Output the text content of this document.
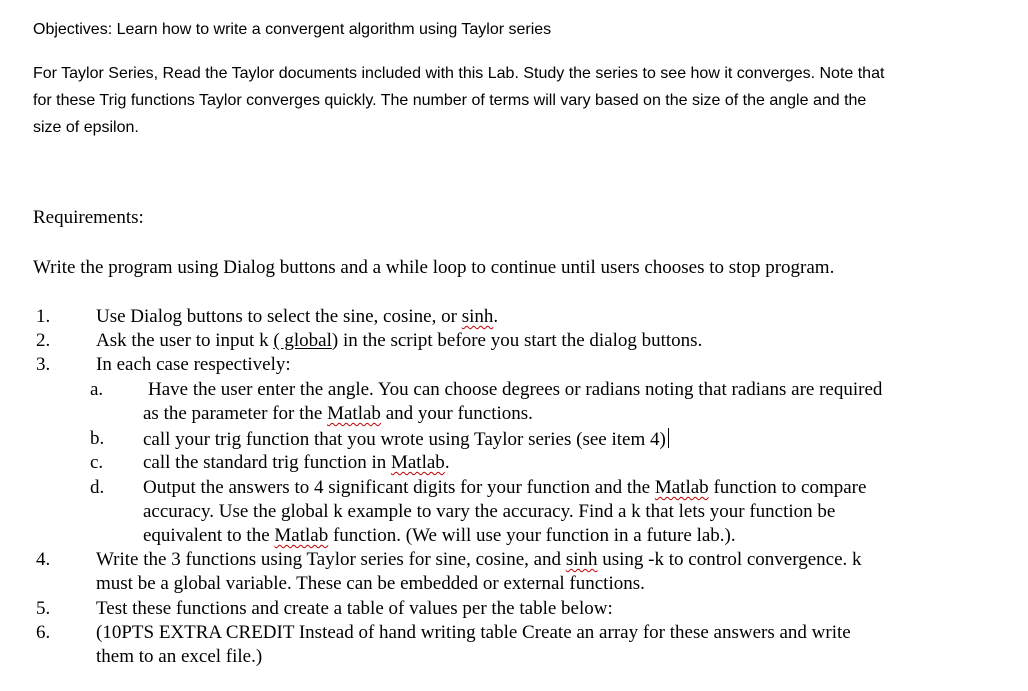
Objectives: Learn how to write a convergent algorithm using Taylor series
For Taylor Series, Read the Taylor documents included with this Lab. Study the series to see how it converges. Note that
for these Trig functions Taylor converges quickly. The number of terms will vary based on the size of the angle and the
size of epsilon.
Requirements:
Write the program using Dialog buttons and a while loop to continue until users chooses to stop program.
1.	Use Dialog buttons to select the sine, cosine, or sinh.
2.	Ask the user to input k ( global) in the script before you start the dialog buttons.
3.	In each case respectively:
a.	Have the user enter the angle. You can choose degrees or radians noting that radians are required
as the parameter for the Matlab and your functions.
b.	call your trig function that you wrote using Taylor series (see item 4)
c.	call the standard trig function in Matlab.
d.	Output the answers to 4 significant digits for your function and the Matlab function to compare
accuracy. Use the global k example to vary the accuracy. Find a k that lets your function be
equivalent to the Matlab function. (We will use your function in a future lab.).
4.	Write the 3 functions using Taylor series for sine, cosine, and sinh using -k to control convergence. k
must be a global variable. These can be embedded or external functions.
5.	Test these functions and create a table of values per the table below:
6.	(10PTS EXTRA CREDIT Instead of hand writing table Create an array for these answers and write
them to an excel file.)
